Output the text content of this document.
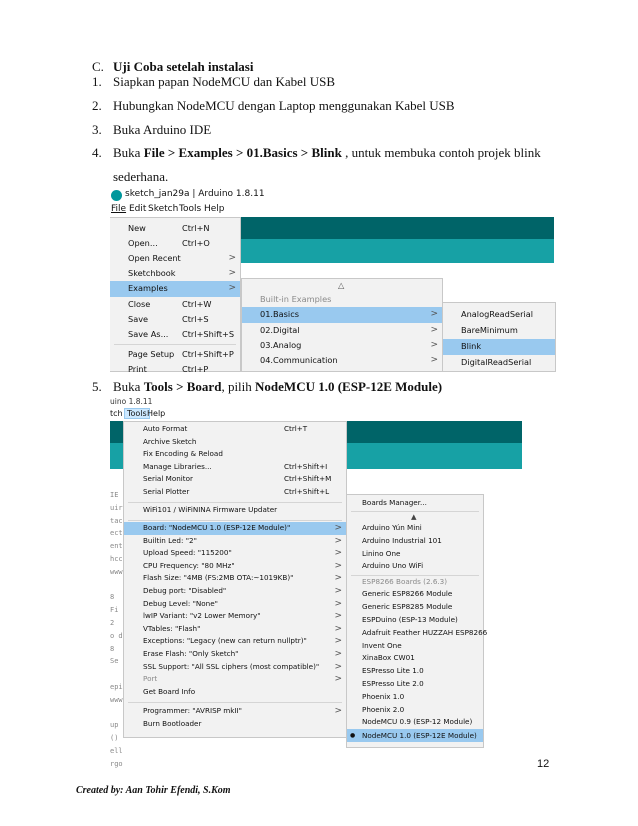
C. Uji Coba setelah instalasi
1. Siapkan papan NodeMCU dan Kabel USB
2. Hubungkan NodeMCU dengan Laptop menggunakan Kabel USB
3. Buka Arduino IDE
4. Buka File > Examples > 01.Basics > Blink , untuk membuka contoh projek blink
sederhana.
sketch_jan29a | Arduino 1.8.11
File Edit Sketch Tools Help
New	Ctrl+N
Open...	Ctrl+O
Open Recent	>
Sketchbook	>
Examples	>
Close	Ctrl+W
Save	Ctrl+S
Save As... Ctrl+Shift+S
Page Setup Ctrl+Shift+P
Print	Ctrl+P
△
Built-in Examples
01.Basics	>
02.Digital	>
03.Analog	>
04.Communication	>
AnalogReadSerial
BareMinimum
Blink
DigitalReadSerial
5. Buka Tools > Board, pilih NodeMCU 1.0 (ESP-12E Module)
uino 1.8.11
tch Tools Help
IE
uir
tac
ect
ent
hcc
www

8
Fi
2
o d
8
Se

epi
www

up
()
ell
rgo
Auto Format	Ctrl+T
Archive Sketch
Fix Encoding & Reload
Manage Libraries...	Ctrl+Shift+I
Serial Monitor	Ctrl+Shift+M
Serial Plotter	Ctrl+Shift+L
WiFi101 / WiFiNINA Firmware Updater
Board: "NodeMCU 1.0 (ESP-12E Module)"	>
Builtin Led: "2"	>
Upload Speed: "115200"	>
CPU Frequency: "80 MHz"	>
Flash Size: "4MB (FS:2MB OTA:~1019KB)"	>
Debug port: "Disabled"	>
Debug Level: "None"	>
lwIP Variant: "v2 Lower Memory"	>
VTables: "Flash"	>
Exceptions: "Legacy (new can return nullptr)"	>
Erase Flash: "Only Sketch"	>
SSL Support: "All SSL ciphers (most compatible)" >
Port	>
Get Board Info
Programmer: "AVRISP mkII"	>
Burn Bootloader
Boards Manager...
▲
Arduino Yún Mini
Arduino Industrial 101
Linino One
Arduino Uno WiFi
ESP8266 Boards (2.6.3)
Generic ESP8266 Module
Generic ESP8285 Module
ESPDuino (ESP-13 Module)
Adafruit Feather HUZZAH ESP8266
Invent One
XinaBox CW01
ESPresso Lite 1.0
ESPresso Lite 2.0
Phoenix 1.0
Phoenix 2.0
NodeMCU 0.9 (ESP-12 Module)
● NodeMCU 1.0 (ESP-12E Module)
12
Created by: Aan Tohir Efendi, S.Kom
